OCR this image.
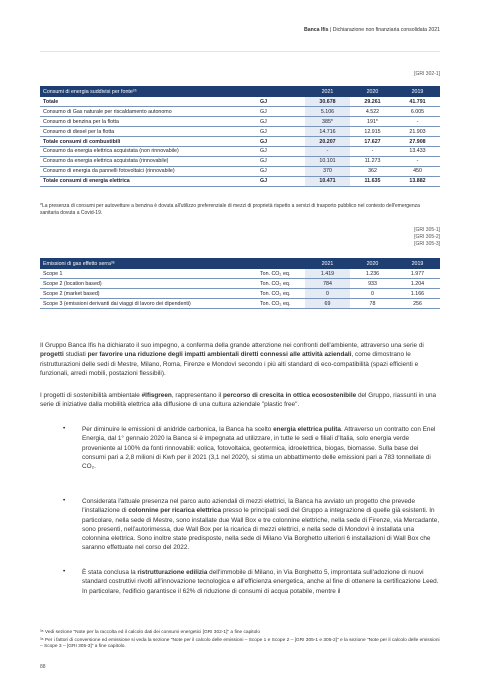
Banca Ifis | Dichiarazione non finanziaria consolidata 2021
[GRI 302-1]
Consumi di energia suddivisi per fonte³⁵		2021	2020	2019
Totale	GJ	30.678	29.261	41.791
Consumo di Gas naturale per riscaldamento autonomo	GJ	5.106	4.522	6.005
Consumo di benzina per la flotta	GJ	385*	191*	-
Consumo di diesel per la flotta	GJ	14.716	12.915	21.903
Totale consumi di combustibili	GJ	20.207	17.627	27.908
Consumo da energia elettrica acquistata (non rinnovabile)	GJ	-	-	13.433
Consumo da energia elettrica acquistata (rinnovabile)	GJ	10.101	11.273	-
Consumo di energia da pannelli fotovoltaici (rinnovabile)	GJ	370	362	450
Totale consumi di energia elettrica	GJ	10.471	11.635	13.882
*La presenza di consumi per autovetture a benzina è dovuta all'utilizzo preferenziale di mezzi di proprietà rispetto a servizi di trasporto pubblico nel contesto dell'emergenza sanitaria dovuta a Covid-19.
[GRI 305-1]
[GRI 305-2]
[GRI 305-3]
Emissioni di gas effetto serra³⁶		2021	2020	2019
Scope 1	Ton. CO₂ eq.	1.419	1.236	1.977
Scope 2 (location based)	Ton. CO₂ eq.	784	933	1.204
Scope 2 (market based)	Ton. CO₂ eq.	0	0	1.166
Scope 3 (emissioni derivanti dai viaggi di lavoro dei dipendenti)	Ton. CO₂ eq.	69	78	256
Il Gruppo Banca Ifis ha dichiarato il suo impegno, a conferma della grande attenzione nei confronti dell'ambiente, attraverso una serie di progetti studiati per favorire una riduzione degli impatti ambientali diretti connessi alle attività aziendali, come dimostrano le ristrutturazioni delle sedi di Mestre, Milano, Roma, Firenze e Mondovì secondo i più alti standard di eco-compatibilità (spazi efficienti e funzionali, arredi mobili, postazioni flessibili).
I progetti di sostenibilità ambientale #Ifisgreen, rappresentano il percorso di crescita in ottica ecosostenibile del Gruppo, riassunti in una serie di iniziative dalla mobilità elettrica alla diffusione di una cultura aziendale "plastic free".
•	Per diminuire le emissioni di anidride carbonica, la Banca ha scelto energia elettrica pulita. Attraverso un contratto con Enel Energia, dal 1° gennaio 2020 la Banca si è impegnata ad utilizzare, in tutte le sedi e filiali d'Italia, solo energia verde proveniente al 100% da fonti rinnovabili: eolica, fotovoltaica, geotermica, idroelettrica, biogas, biomasse. Sulla base dei consumi pari a 2,8 milioni di Kwh per il 2021 (3,1 nel 2020), si stima un abbattimento delle emissioni pari a 783 tonnellate di CO₂.
•	Considerata l'attuale presenza nel parco auto aziendali di mezzi elettrici, la Banca ha avviato un progetto che prevede l'installazione di colonnine per ricarica elettrica presso le principali sedi del Gruppo a integrazione di quelle già esistenti. In particolare, nella sede di Mestre, sono installate due Wall Box e tre colonnine elettriche, nella sede di Firenze, via Mercadante, sono presenti, nell'autorimessa, due Wall Box per la ricarica di mezzi elettrici, e nella sede di Mondovì è installata una colonnina elettrica. Sono inoltre state predisposte, nella sede di Milano Via Borghetto ulteriori 6 installazioni di Wall Box che saranno effettuate nel corso del 2022.
•	È stata conclusa la ristrutturazione edilizia dell'immobile di Milano, in Via Borghetto 5, improntata sull'adozione di nuovi standard costruttivi rivolti all'innovazione tecnologica e all'efficienza energetica, anche al fine di ottenere la certificazione Leed. In particolare, l'edificio garantisce il 62% di riduzione di consumi di acqua potabile, mentre il

³⁵ Vedi sezione "Note per la raccolta ed il calcolo dati dei consumi energetici [GRI 302-1]" a fine capitolo

³⁶ Per i fattori di conversione ed emissione si veda la sezione "Note per il calcolo delle emissioni – Scope 1 e Scope 2 – [GRI 305-1 e 305-2]" e la sezione "Note per il calcolo delle emissioni – Scope 3 – [GRI 305-3]" a fine capitolo.

88
